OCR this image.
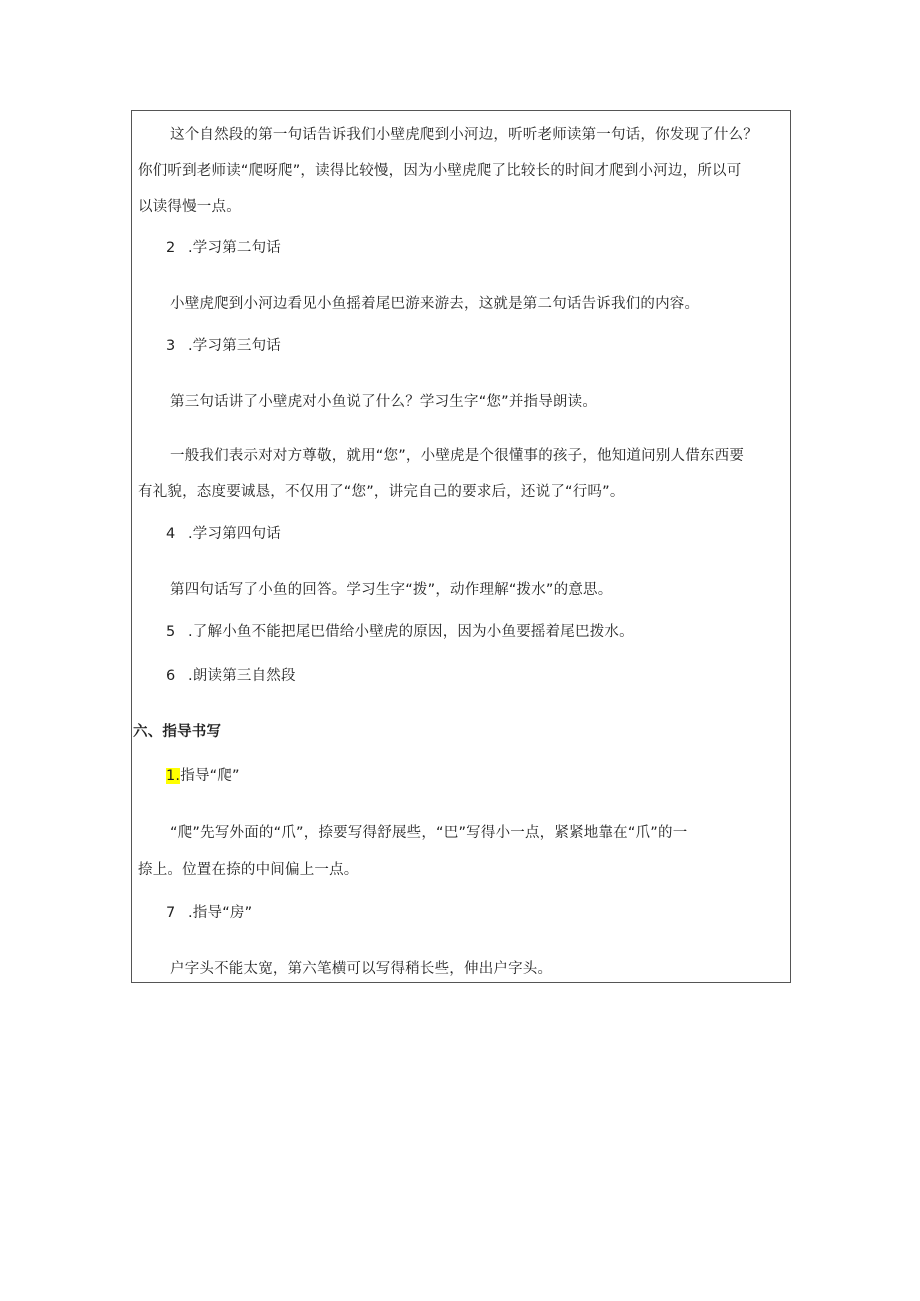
这个自然段的第一句话告诉我们小壁虎爬到小河边，听听老师读第一句话，你发现了什么？
你们听到老师读“爬呀爬”，读得比较慢，因为小壁虎爬了比较长的时间才爬到小河边，所以可
以读得慢一点。
2 .学习第二句话
小壁虎爬到小河边看见小鱼摇着尾巴游来游去，这就是第二句话告诉我们的内容。
3 .学习第三句话
第三句话讲了小壁虎对小鱼说了什么？学习生字“您”并指导朗读。
一般我们表示对对方尊敬，就用“您”，小壁虎是个很懂事的孩子，他知道问别人借东西要
有礼貌，态度要诚恳，不仅用了“您”，讲完自己的要求后，还说了“行吗”。
4 .学习第四句话
第四句话写了小鱼的回答。学习生字“拨”，动作理解“拨水”的意思。
5 .了解小鱼不能把尾巴借给小壁虎的原因，因为小鱼要摇着尾巴拨水。
6 .朗读第三自然段
六、指导书写
1.指导“爬”
“爬”先写外面的“爪”，捺要写得舒展些，“巴”写得小一点，紧紧地靠在“爪”的一
捺上。位置在捺的中间偏上一点。
7 .指导“房”
户字头不能太宽，第六笔横可以写得稍长些，伸出户字头。
